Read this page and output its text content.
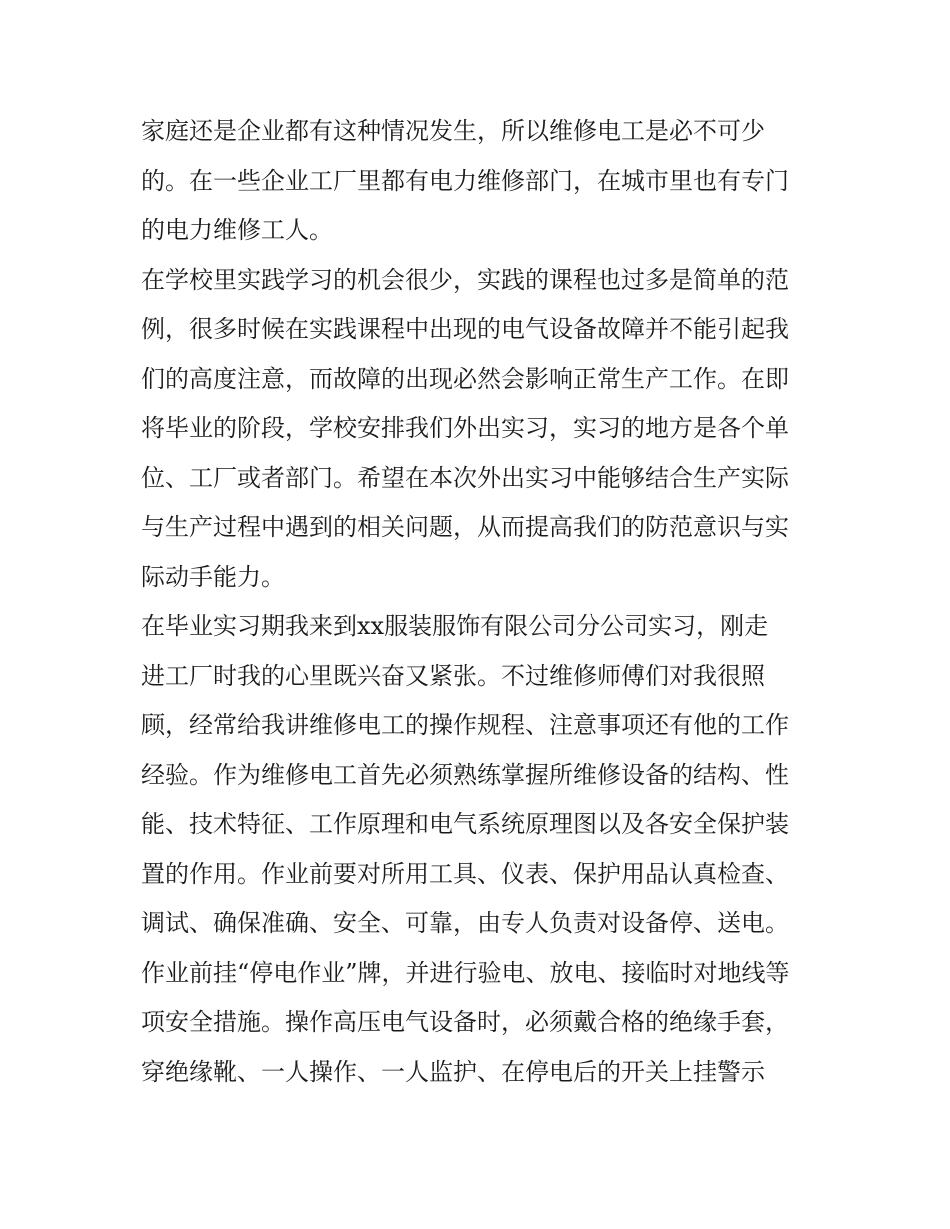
家庭还是企业都有这种情况发生，所以维修电工是必不可少
的。在一些企业工厂里都有电力维修部门，在城市里也有专门
的电力维修工人。
在学校里实践学习的机会很少，实践的课程也过多是简单的范
例，很多时候在实践课程中出现的电气设备故障并不能引起我
们的高度注意，而故障的出现必然会影响正常生产工作。在即
将毕业的阶段，学校安排我们外出实习，实习的地方是各个单
位、工厂或者部门。希望在本次外出实习中能够结合生产实际
与生产过程中遇到的相关问题，从而提高我们的防范意识与实
际动手能力。
在毕业实习期我来到xx服装服饰有限公司分公司实习，刚走
进工厂时我的心里既兴奋又紧张。不过维修师傅们对我很照
顾，经常给我讲维修电工的操作规程、注意事项还有他的工作
经验。作为维修电工首先必须熟练掌握所维修设备的结构、性
能、技术特征、工作原理和电气系统原理图以及各安全保护装
置的作用。作业前要对所用工具、仪表、保护用品认真检查、
调试、确保准确、安全、可靠，由专人负责对设备停、送电。
作业前挂“停电作业”牌，并进行验电、放电、接临时对地线等
项安全措施。操作高压电气设备时，必须戴合格的绝缘手套，
穿绝缘靴、一人操作、一人监护、在停电后的开关上挂警示
